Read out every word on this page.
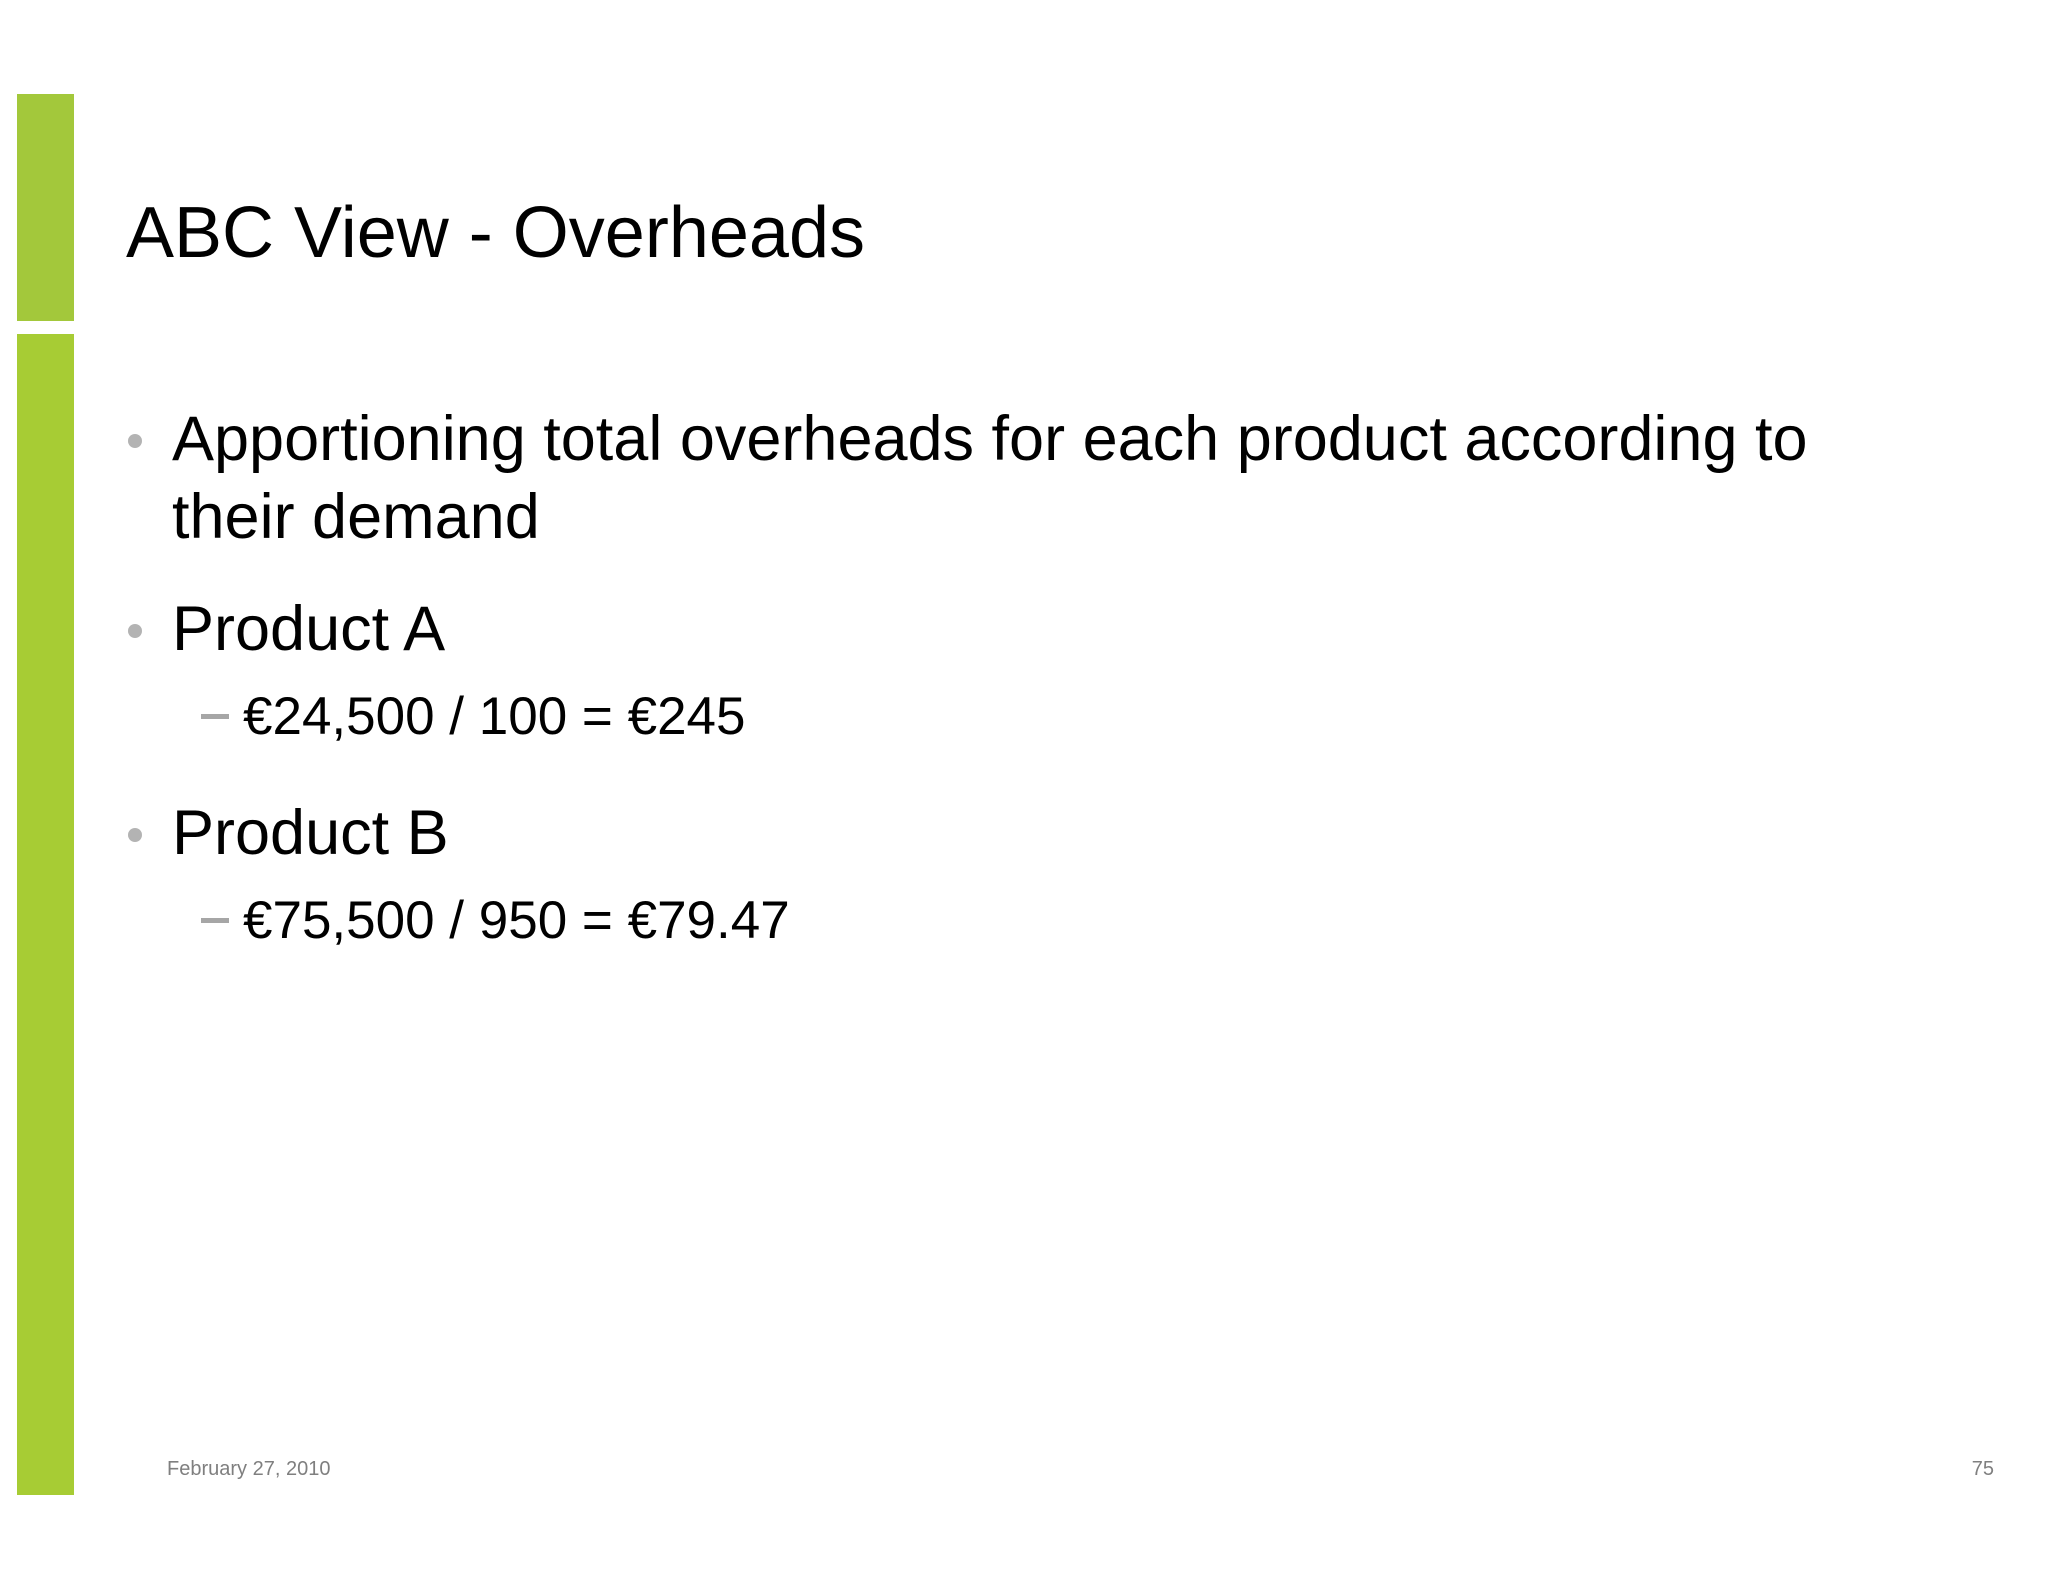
ABC View - Overheads
Apportioning total overheads for each product according to their demand
Product A
€24,500 / 100 = €245
Product B
€75,500 / 950 = €79.47
February 27, 2010	75
